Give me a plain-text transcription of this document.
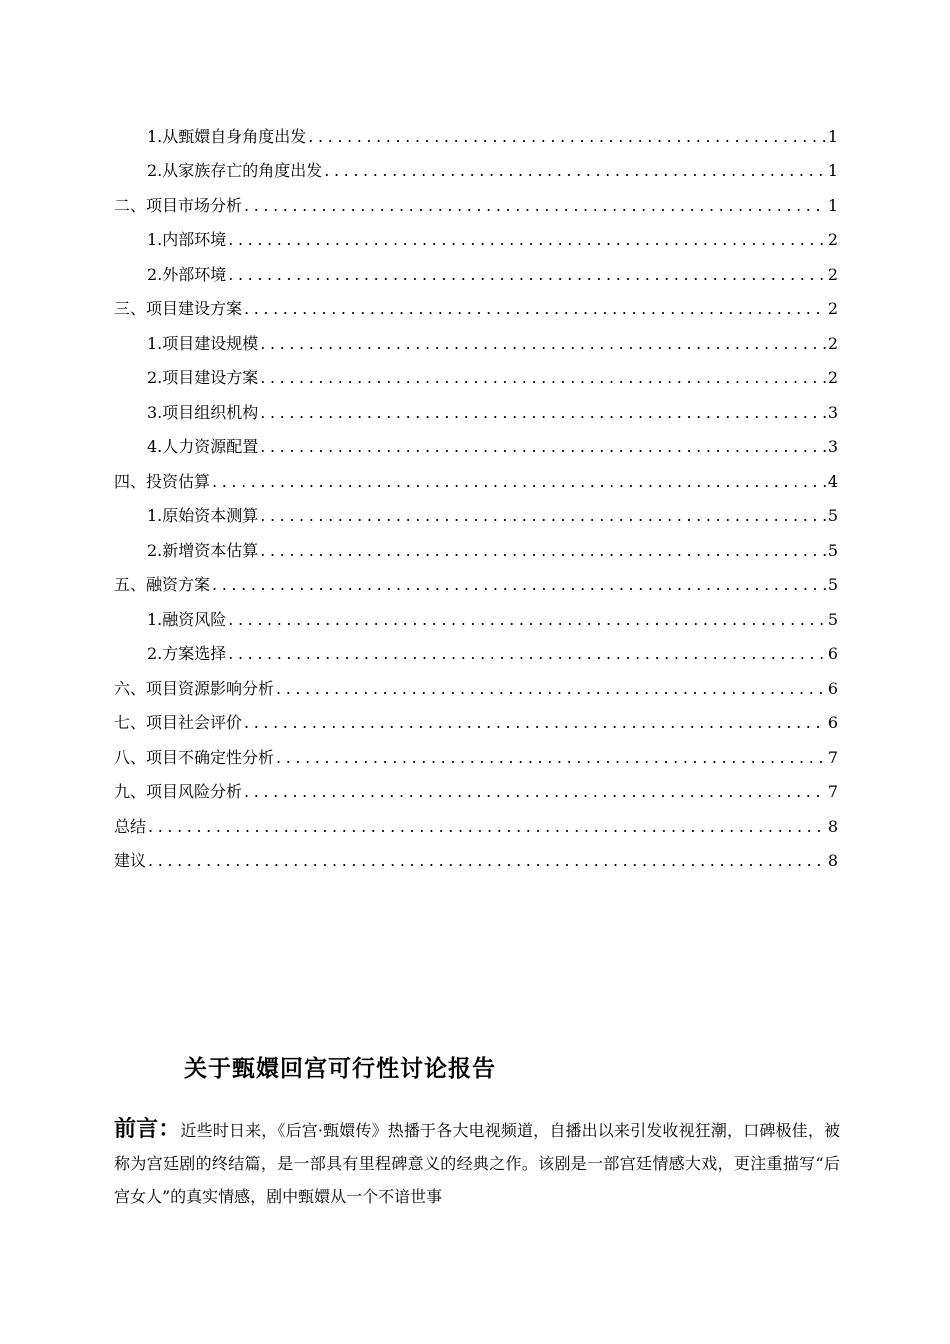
1.从甄嬛自身角度出发 .....	1
2.从家族存亡的角度出发 .....	1
二、项目市场分析 .....	1
1.内部环境 .....	2
2.外部环境 .....	2
三、项目建设方案 .....	2
1.项目建设规模 .....	2
2.项目建设方案 .....	2
3.项目组织机构 .....	3
4.人力资源配置 .....	3
四、投资估算 .....	4
1.原始资本测算 .....	5
2.新增资本估算 .....	5
五、融资方案 .....	5
1.融资风险 .....	5
2.方案选择 .....	6
六、项目资源影响分析 .....	6
七、项目社会评价 .....	6
八、项目不确定性分析 .....	7
九、项目风险分析 .....	7
总结 .....	8
建议 .....	8
关于甄嬛回宫可行性讨论报告
前言：近些时日来，《后宫·甄嬛传》热播于各大电视频道，自播出以来引发收视狂潮，口碑极佳，被称为宫廷剧的终结篇，是一部具有里程碑意义的经典之作。该剧是一部宫廷情感大戏，更注重描写“后宫女人”的真实情感，剧中甄嬛从一个不谙世事
